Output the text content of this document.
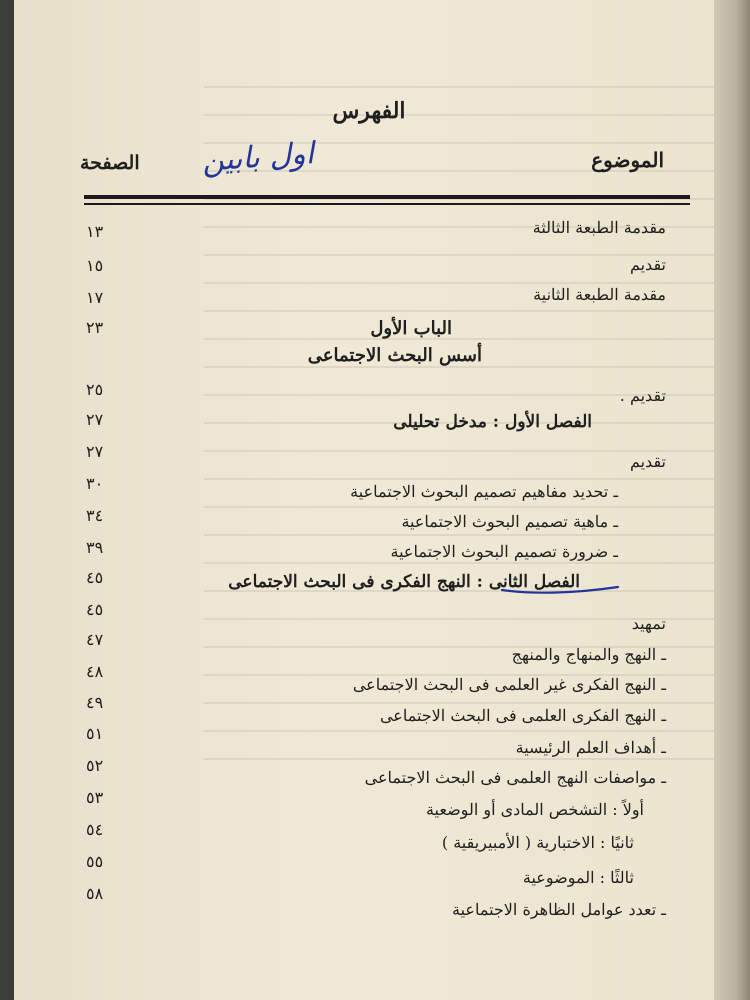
الفهرس
الموضوع
الصفحة اول بابين
مقدمة الطبعة الثالثة
١٣
تقديم
١٥
مقدمة الطبعة الثانية
١٧
الباب الأول
٢٣
أسس البحث الاجتماعى
تقديم .
٢٥
الفصل الأول : مدخل تحليلى
٢٧
تقديم
٢٧
ـ تحديد مفاهيم تصميم البحوث الاجتماعية
٣٠
ـ ماهية تصميم البحوث الاجتماعية
٣٤
ـ ضرورة تصميم البحوث الاجتماعية
٣٩
الفصل الثانى : النهج الفكرى فى البحث الاجتماعى
٤٥
٤٥
تمهيد
٤٧
ـ النهج والمنهاج والمنهج
٤٨
ـ النهج الفكرى غير العلمى فى البحث الاجتماعى
٤٩
ـ النهج الفكرى العلمى فى البحث الاجتماعى
٥١
ـ أهداف العلم الرئيسية
٥٢
ـ مواصفات النهج العلمى فى البحث الاجتماعى
٥٣
أولاً : التشخص المادى أو الوضعية
٥٤
ثانيًا : الاختبارية ( الأمبيريقية )
٥٥
ثالثًا : الموضوعية
٥٨
ـ تعدد عوامل الظاهرة الاجتماعية
